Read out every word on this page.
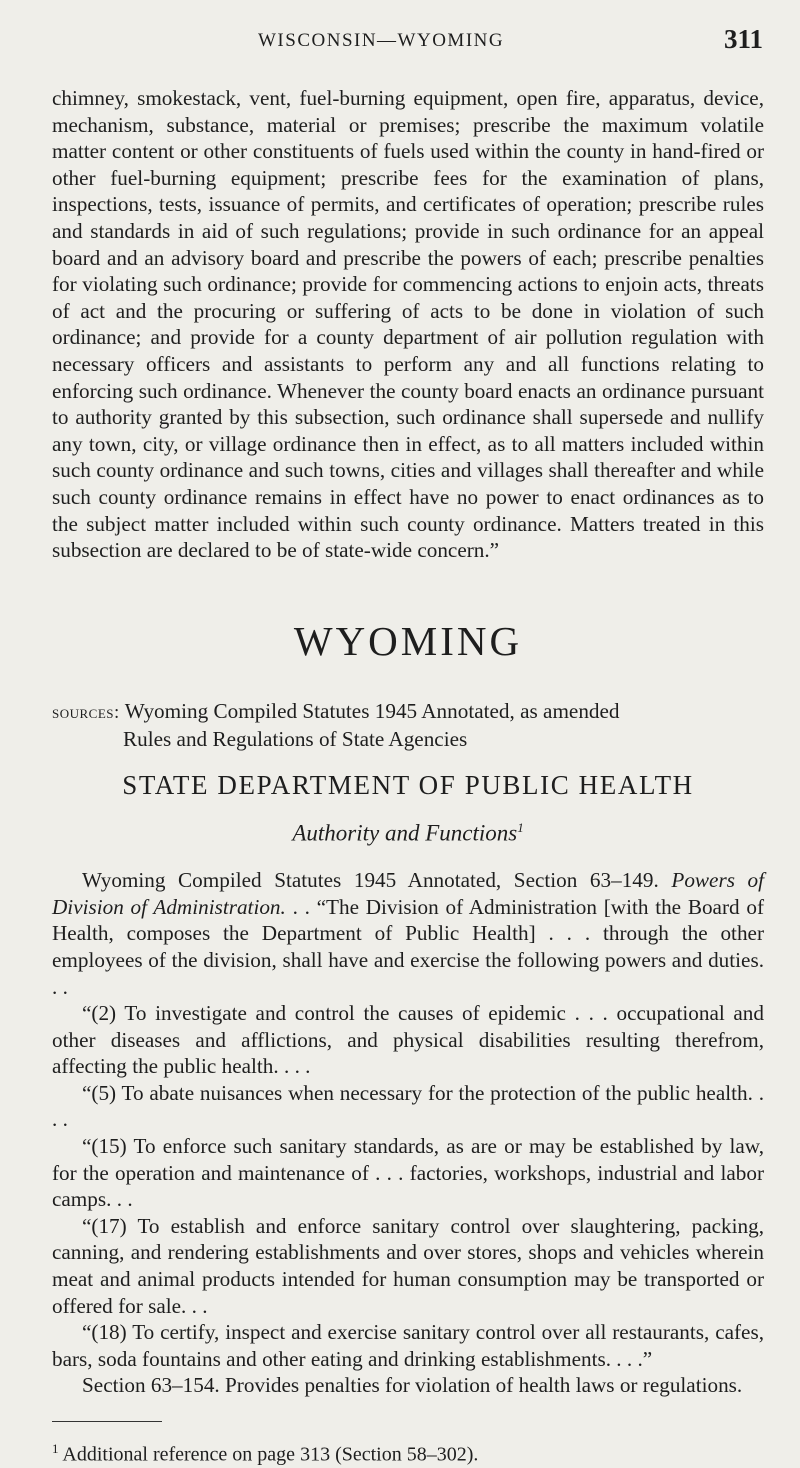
WISCONSIN—WYOMING	311

chimney, smokestack, vent, fuel-burning equipment, open fire, apparatus, device, mechanism, substance, material or premises; prescribe the maximum volatile matter content or other constituents of fuels used within the county in hand-fired or other fuel-burning equipment; prescribe fees for the examination of plans, inspections, tests, issuance of permits, and certificates of operation; prescribe rules and standards in aid of such regulations; provide in such ordinance for an appeal board and an advisory board and prescribe the powers of each; prescribe penalties for violating such ordinance; provide for commencing actions to enjoin acts, threats of act and the procuring or suffering of acts to be done in violation of such ordinance; and provide for a county department of air pollution regulation with necessary officers and assistants to perform any and all functions relating to enforcing such ordinance. Whenever the county board enacts an ordinance pursuant to authority granted by this subsection, such ordinance shall supersede and nullify any town, city, or village ordinance then in effect, as to all matters included within such county ordinance and such towns, cities and villages shall thereafter and while such county ordinance remains in effect have no power to enact ordinances as to the subject matter included within such county ordinance. Matters treated in this subsection are declared to be of state-wide concern.”

WYOMING

sources: Wyoming Compiled Statutes 1945 Annotated, as amended
Rules and Regulations of State Agencies

STATE DEPARTMENT OF PUBLIC HEALTH
Authority and Functions$^1$

Wyoming Compiled Statutes 1945 Annotated, Section 63–149. Powers of Division of Administration. . . “The Division of Administration [with the Board of Health, composes the Department of Public Health] . . . through the other employees of the division, shall have and exercise the following powers and duties. . .

“(2) To investigate and control the causes of epidemic . . . occupational and other diseases and afflictions, and physical disabilities resulting therefrom, affecting the public health. . . .

“(5) To abate nuisances when necessary for the protection of the public health. . . .

“(15) To enforce such sanitary standards, as are or may be established by law, for the operation and maintenance of . . . factories, workshops, industrial and labor camps. . .

“(17) To establish and enforce sanitary control over slaughtering, packing, canning, and rendering establishments and over stores, shops and vehicles wherein meat and animal products intended for human consumption may be transported or offered for sale. . .

“(18) To certify, inspect and exercise sanitary control over all restaurants, cafes, bars, soda fountains and other eating and drinking establishments. . . .”

Section 63–154. Provides penalties for violation of health laws or regulations.

$^1$ Additional reference on page 313 (Section 58–302).
